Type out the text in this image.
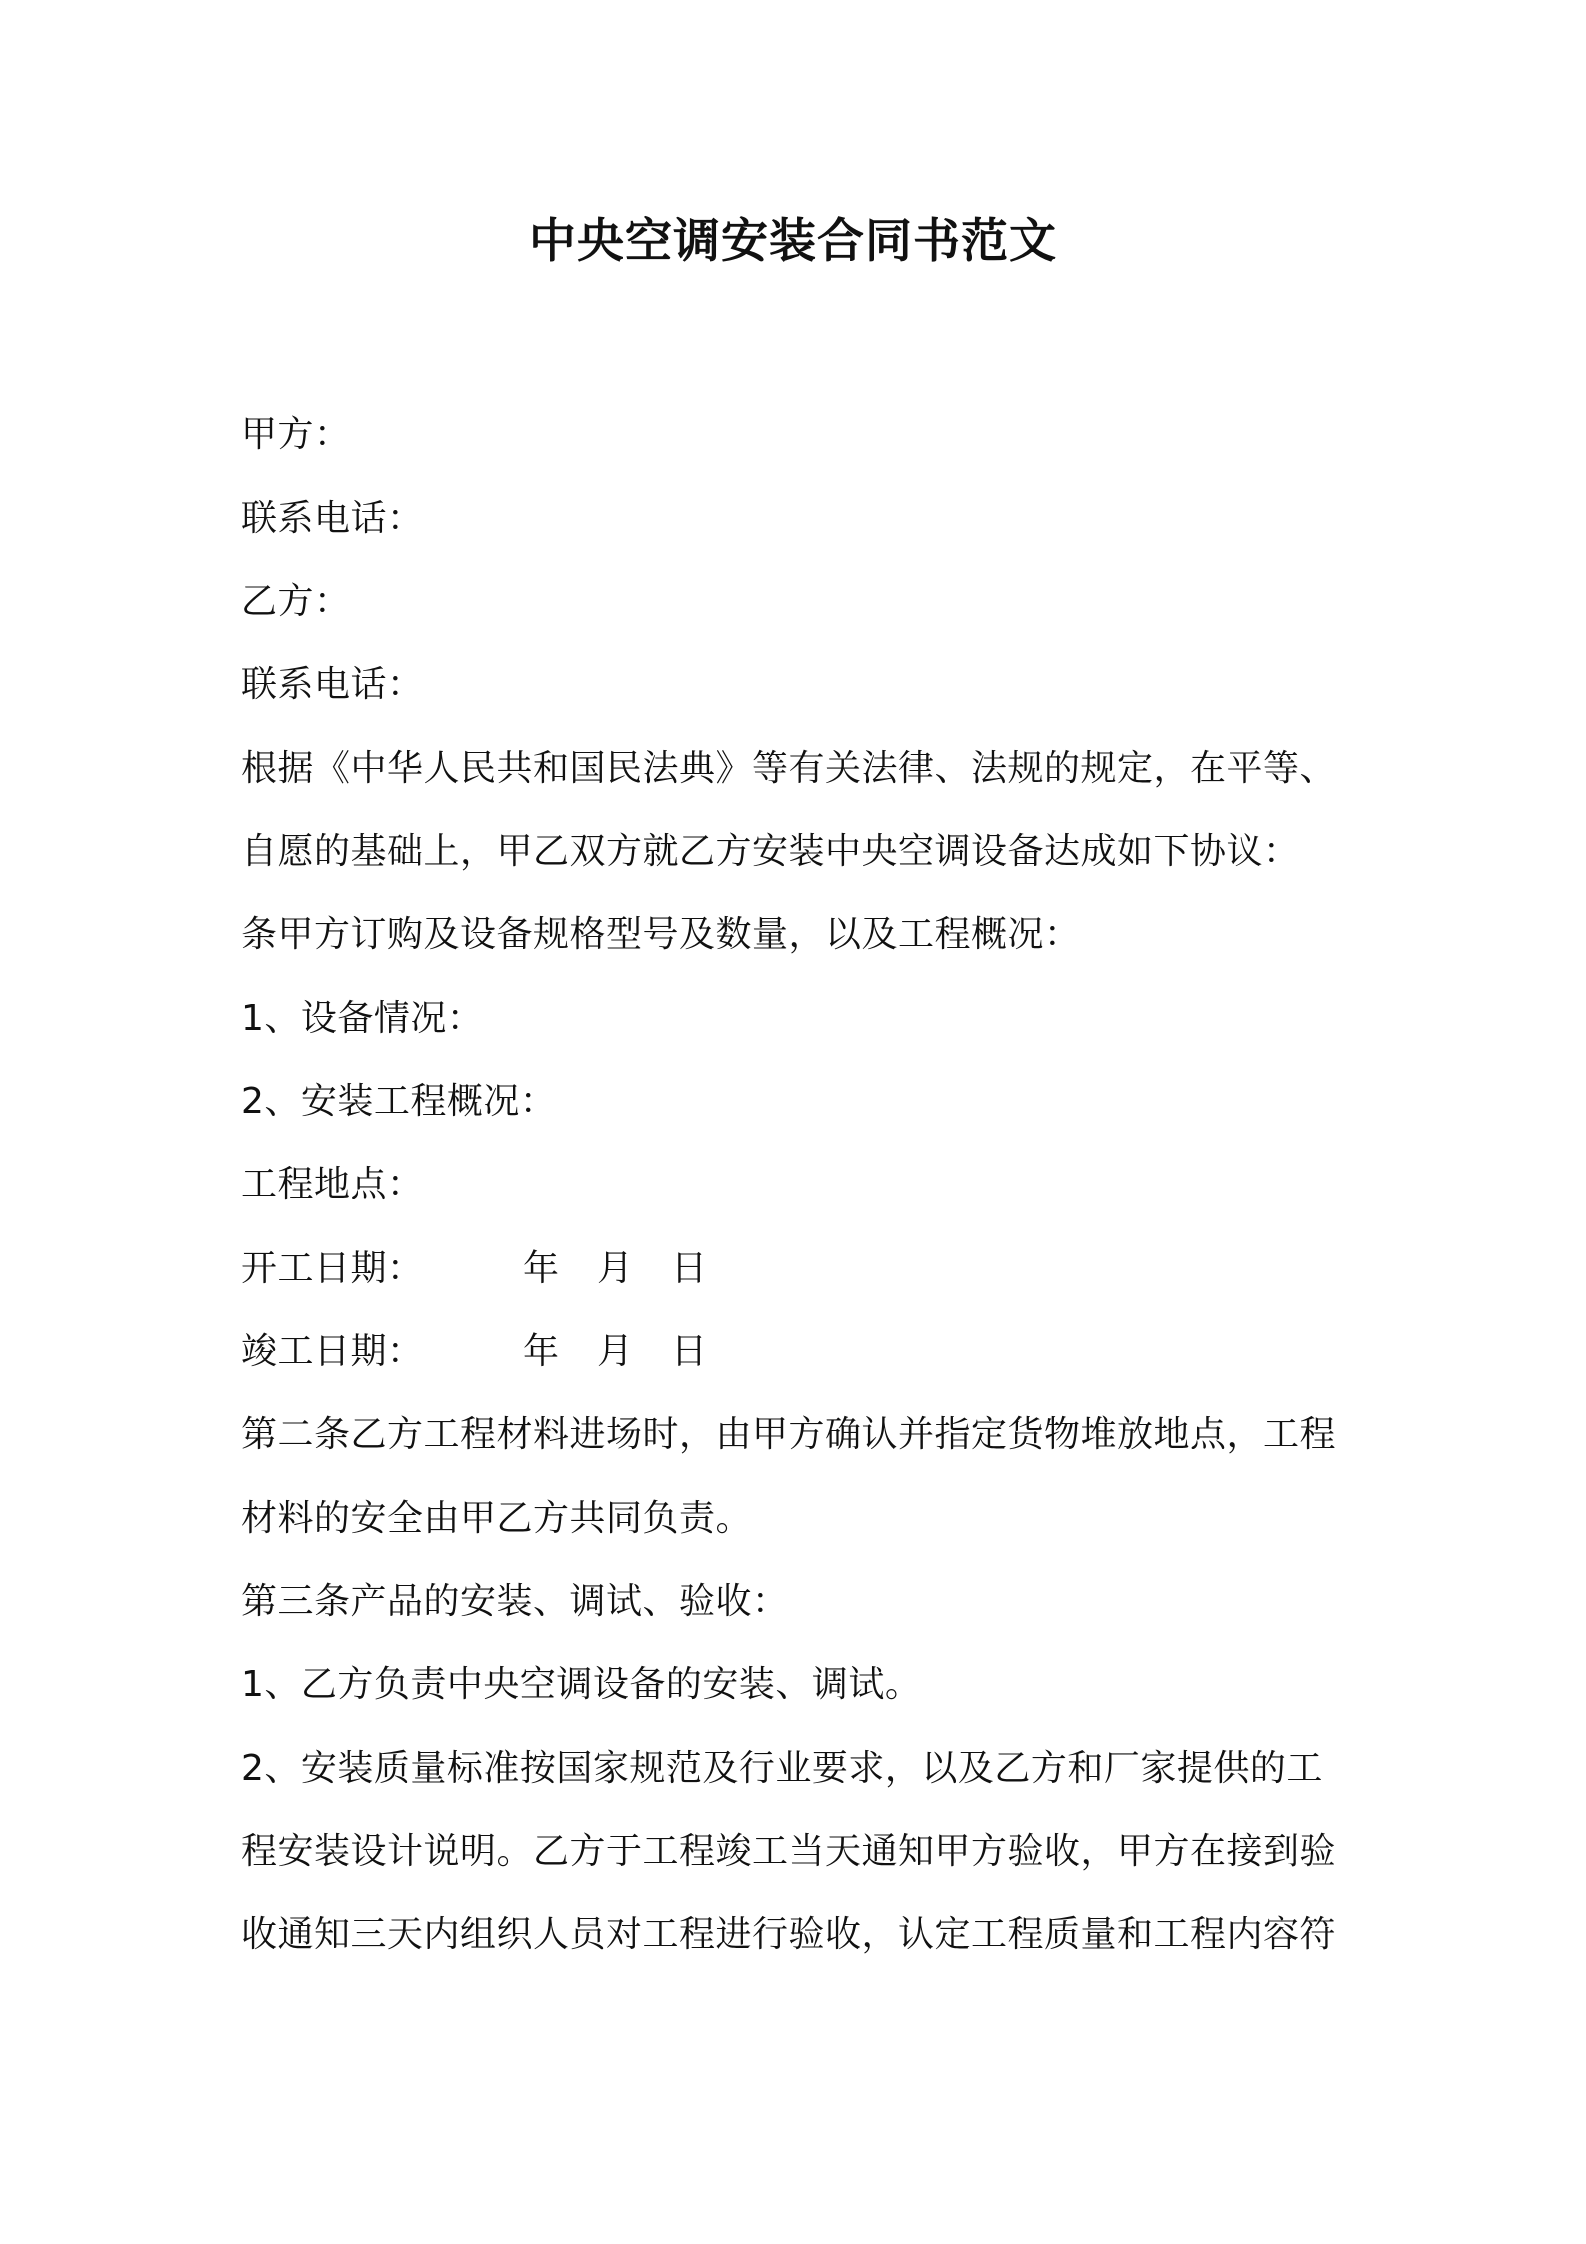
中央空调安装合同书范文
甲方：
联系电话：
乙方：
联系电话：
根据《中华人民共和国民法典》等有关法律、法规的规定，在平等、
自愿的基础上，甲乙双方就乙方安装中央空调设备达成如下协议：
条甲方订购及设备规格型号及数量，以及工程概况：
1、设备情况：
2、安装工程概况：
工程地点：
开工日期：	年	月	日
竣工日期：	年	月	日
第二条乙方工程材料进场时，由甲方确认并指定货物堆放地点，工程
材料的安全由甲乙方共同负责。
第三条产品的安装、调试、验收：
1、乙方负责中央空调设备的安装、调试。
2、安装质量标准按国家规范及行业要求，以及乙方和厂家提供的工
程安装设计说明。乙方于工程竣工当天通知甲方验收，甲方在接到验
收通知三天内组织人员对工程进行验收，认定工程质量和工程内容符
